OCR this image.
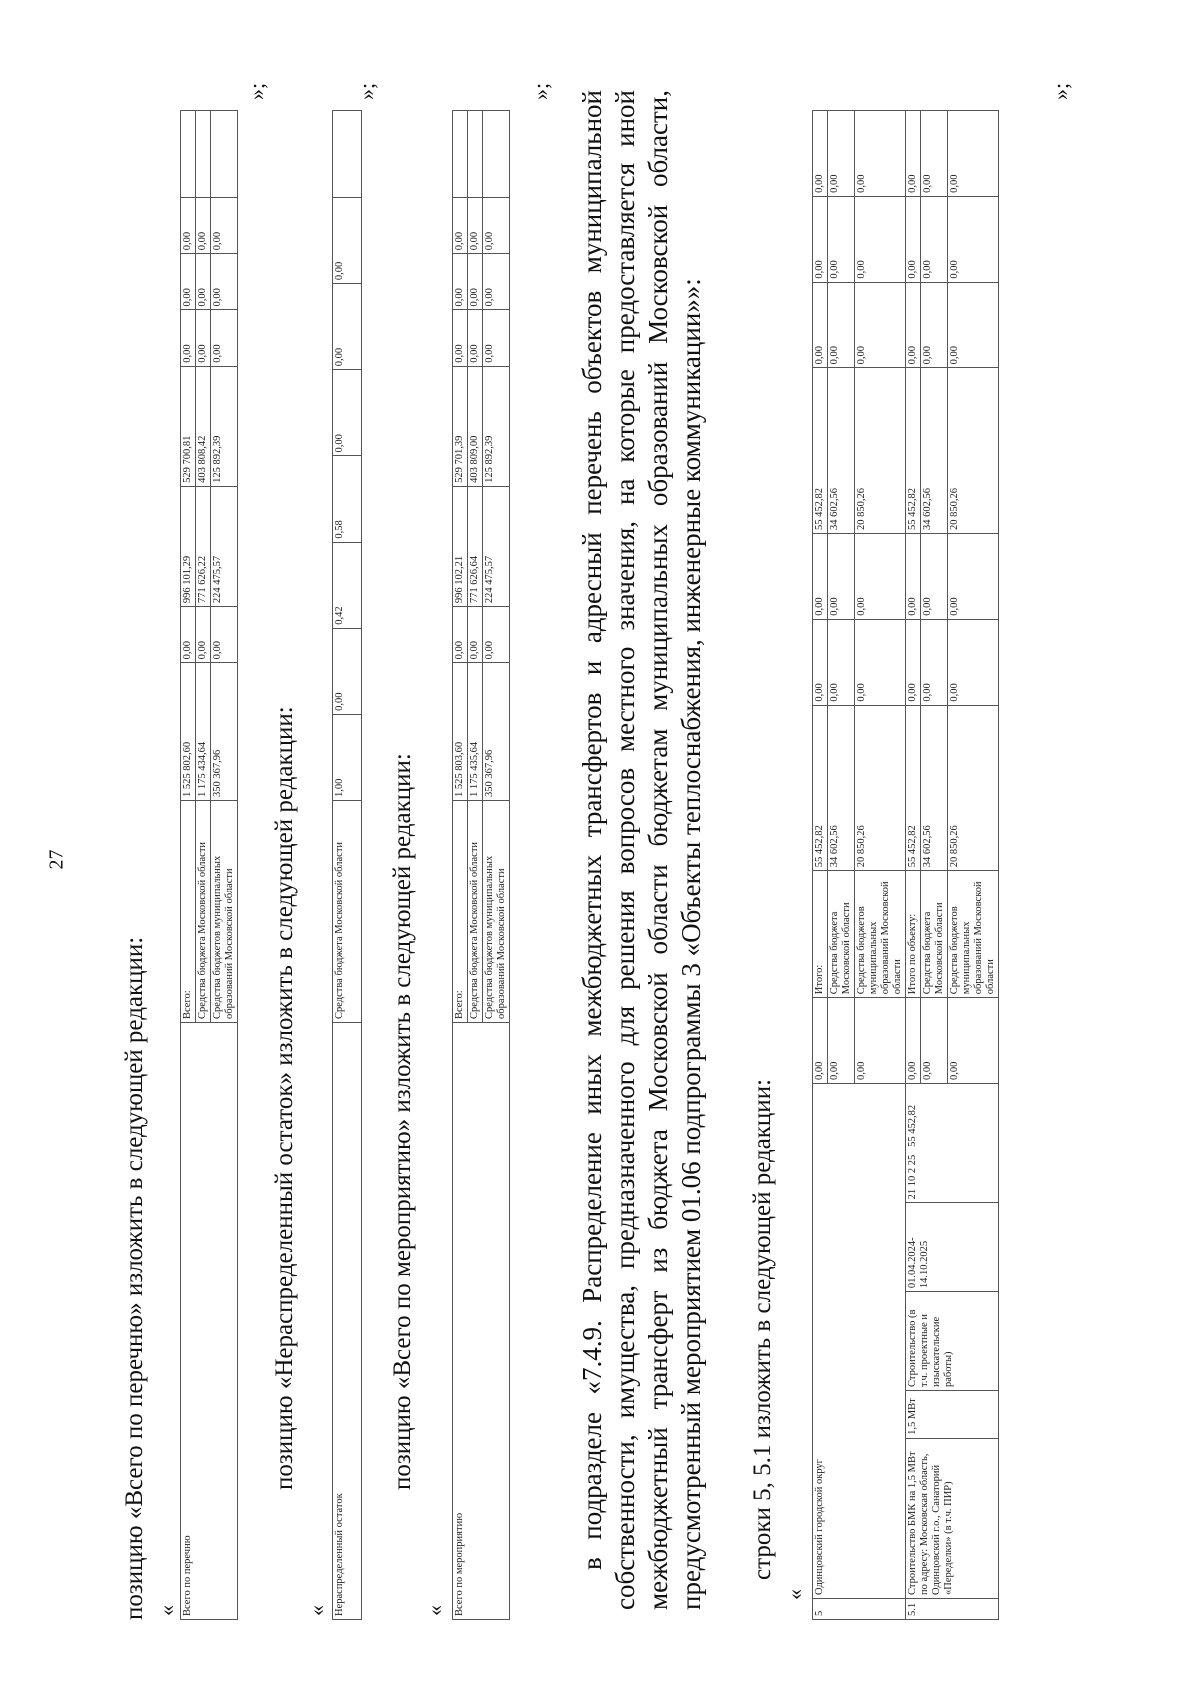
27
позицию «Всего по перечню» изложить в следующей редакции: « Всего по перечню	Всего:	1 525 802,60	0,00	996 101,29	529 700,81	0,00	0,00	0,00	
	Средства бюджета Московской области	1 175 434,64	0,00	771 626,22	403 808,42	0,00	0,00	0,00	
	Средства бюджетов муниципальных образований Московской области	350 367,96	0,00	224 475,57	125 892,39	0,00	0,00	0,00	
»;
позицию «Нераспределенный остаток» изложить в следующей редакции:
« Нераспределенный остаток	Средства бюджета Московской области	1,00	0,00	0,42	0,58	0,00	0,00	0,00	
»;
позицию «Всего по мероприятию» изложить в следующей редакции:
« Всего по мероприятию	Всего:	1 525 803,60	0,00	996 102,21	529 701,39	0,00	0,00	0,00	
	Средства бюджета Московской области	1 175 435,64	0,00	771 626,64	403 809,00	0,00	0,00	0,00	
	Средства бюджетов муниципальных образований Московской области	350 367,96	0,00	224 475,57	125 892,39	0,00	0,00	0,00	
»; в подразделе «7.4.9. Распределение иных межбюджетных трансфертов и адресный перечень объектов муниципальной собственности, имущества, предназначенного для решения вопросов местного значения, на которые предоставляется иной межбюджетный трансферт из бюджета Московской области бюджетам муниципальных образований Московской области, предусмотренный мероприятием 01.06 подпрограммы 3 «Объекты теплоснабжения, инженерные коммуникации»»: строки 5, 5.1 изложить в следующей редакции:
«
5	Одинцовский городской округ					0,00	Итого:	55 452,82	0,00	0,00	55 452,82	0,00	0,00	0,00
						0,00	Средства бюджета Московской области	34 602,56	0,00	0,00	34 602,56	0,00	0,00	0,00
						0,00	Средства бюджетов муниципальных образований Московской области	20 850,26	0,00	0,00	20 850,26	0,00	0,00	0,00
5.1	Строительство БМК на 1,5 МВт по адресу: Московская область, Одинцовский г.о., Санаторий «Переделки» (в т.ч. ПИР)	1,5 МВт	Строительство (в т.ч. проектные и изыскательские работы)	01.04.2024-14.10.2025	21 10 2 25   55 452,82	0,00	Итого по объекту:	55 452,82	0,00	0,00	55 452,82	0,00	0,00	0,00
						0,00	Средства бюджета Московской области	34 602,56	0,00	0,00	34 602,56	0,00	0,00	0,00
						0,00	Средства бюджетов муниципальных образований Московской области	20 850,26	0,00	0,00	20 850,26	0,00	0,00	0,00
»;
